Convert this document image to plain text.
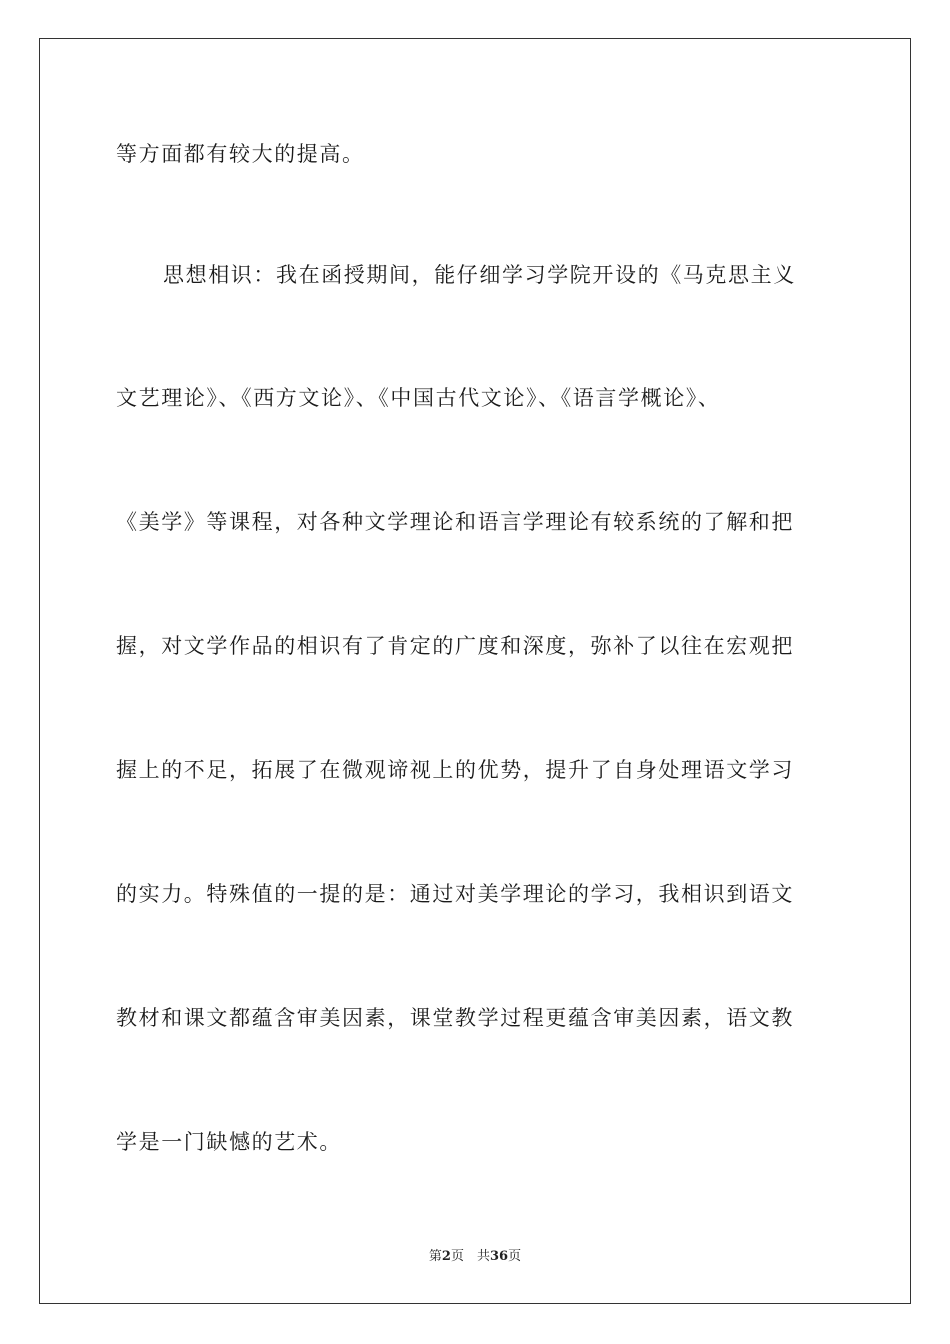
等方面都有较大的提高。
思想相识：我在函授期间，能仔细学习学院开设的《马克思主义
文艺理论》、《西方文论》、《中国古代文论》、《语言学概论》、
《美学》等课程，对各种文学理论和语言学理论有较系统的了解和把
握，对文学作品的相识有了肯定的广度和深度，弥补了以往在宏观把
握上的不足，拓展了在微观谛视上的优势，提升了自身处理语文学习
的实力。特殊值的一提的是：通过对美学理论的学习，我相识到语文
教材和课文都蕴含审美因素，课堂教学过程更蕴含审美因素，语文教
学是一门缺憾的艺术。
第2页　共36页
